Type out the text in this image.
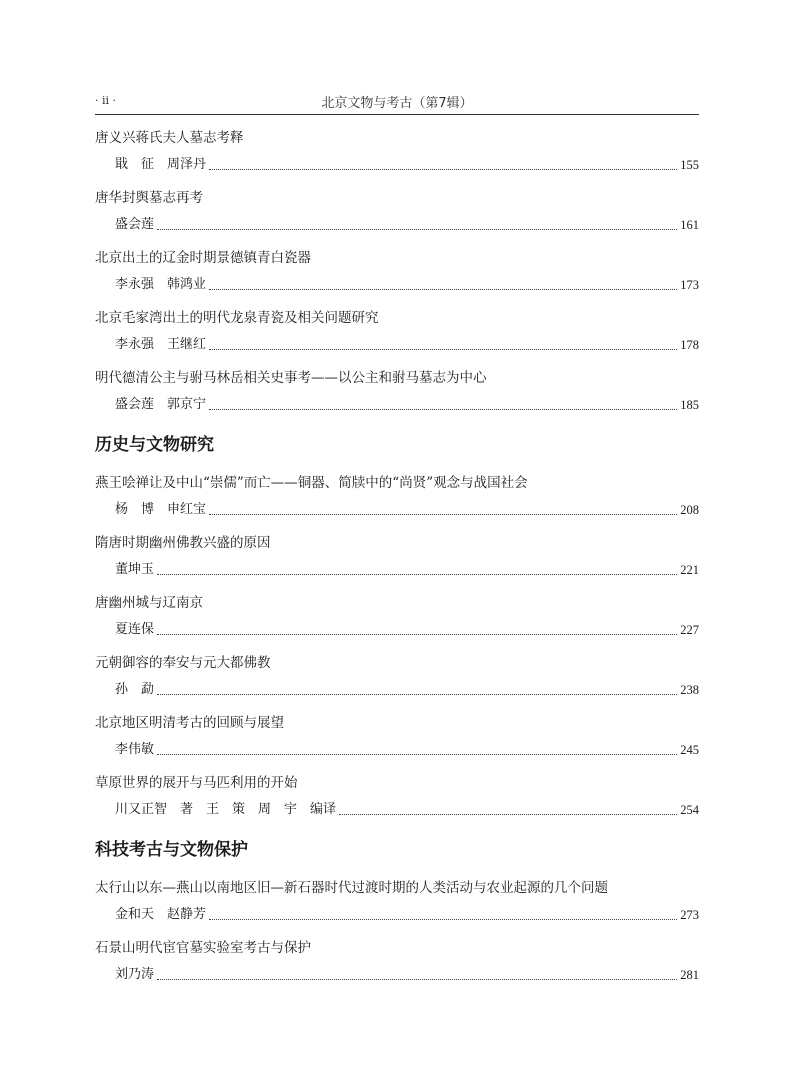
· ii ·	北京文物与考古（第7辑）
唐义兴蒋氏夫人墓志考释
戢　征　周泽丹	155
唐华封舆墓志再考
盛会莲	161
北京出土的辽金时期景德镇青白瓷器
李永强　韩鸿业	173
北京毛家湾出土的明代龙泉青瓷及相关问题研究
李永强　王继红	178
明代德清公主与驸马林岳相关史事考——以公主和驸马墓志为中心
盛会莲　郭京宁	185
历史与文物研究
燕王哙禅让及中山“崇儒”而亡——铜器、简牍中的“尚贤”观念与战国社会
杨　博　申红宝	208
隋唐时期幽州佛教兴盛的原因
董坤玉	221
唐幽州城与辽南京
夏连保	227
元朝御容的奉安与元大都佛教
孙　勐	238
北京地区明清考古的回顾与展望
李伟敏	245
草原世界的展开与马匹利用的开始
川又正智　著　王　策　周　宇　编译	254
科技考古与文物保护
太行山以东—燕山以南地区旧—新石器时代过渡时期的人类活动与农业起源的几个问题
金和天　赵静芳	273
石景山明代宦官墓实验室考古与保护
刘乃涛	281
